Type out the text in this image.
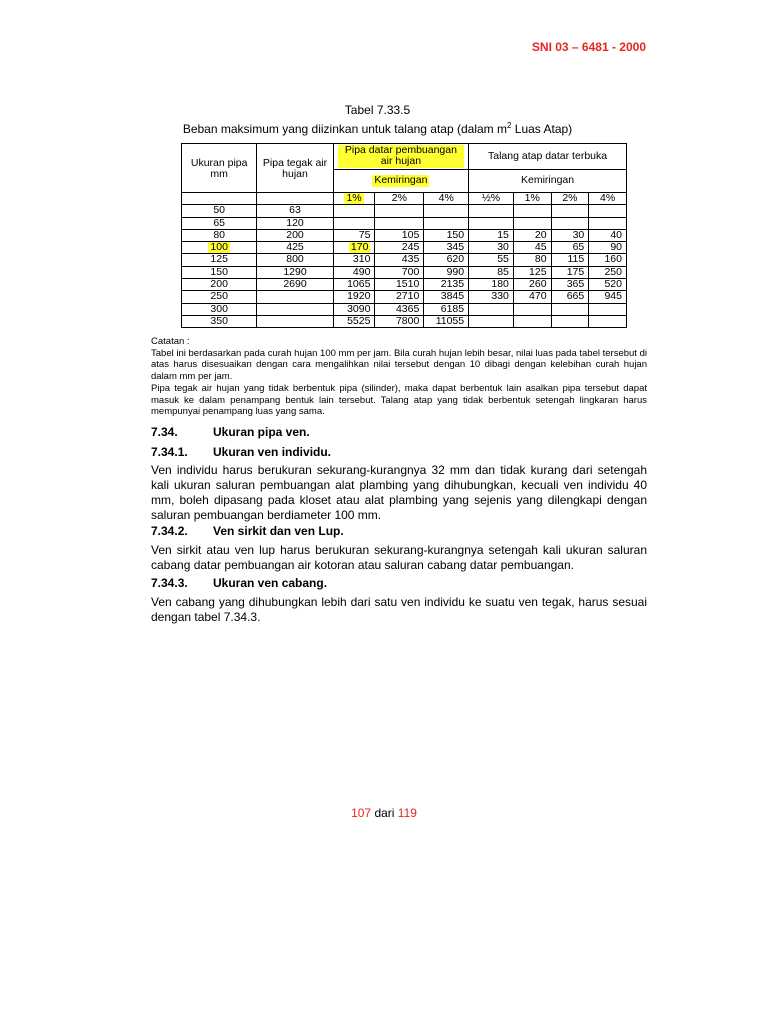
SNI 03 – 6481 - 2000
Tabel 7.33.5
Beban maksimum yang diizinkan untuk talang atap (dalam $m^2$ Luas Atap)
Ukuran pipa mm	Pipa tegak air hujan	Pipa datar pembuangan air hujan			Talang atap datar terbuka			
		Kemiringan			Kemiringan			
		1%	2%	4%	½%	1%	2%	4%
50	63							
65	120							
80	200	75	105	150	15	20	30	40
100	425	170	245	345	30	45	65	90
125	800	310	435	620	55	80	115	160
150	1290	490	700	990	85	125	175	250
200	2690	1065	1510	2135	180	260	365	520
250		1920	2710	3845	330	470	665	945
300		3090	4365	6185				
350		5525	7800	11055				

Catatan :

Tabel ini berdasarkan pada curah hujan 100 mm per jam. Bila curah hujan lebih besar, nilai luas pada tabel tersebut di atas harus disesuaikan dengan cara mengalihkan nilai tersebut dengan 10 dibagi dengan kelebihan curah hujan dalam mm per jam.

Pipa tegak air hujan yang tidak berbentuk pipa (silinder), maka dapat berbentuk lain asalkan pipa tersebut dapat masuk ke dalam penampang bentuk lain tersebut. Talang atap yang tidak berbentuk setengah lingkaran harus mempunyai penampang luas yang sama.

7.34.	Ukuran pipa ven.
7.34.1. Ukuran ven individu.
Ven individu harus berukuran sekurang-kurangnya 32 mm dan tidak kurang dari setengah kali ukuran saluran pembuangan alat plambing yang dihubungkan, kecuali ven individu 40 mm, boleh dipasang pada kloset atau alat plambing yang sejenis yang dilengkapi dengan saluran pembuangan berdiameter 100 mm.
7.34.2. Ven sirkit dan ven Lup.
Ven sirkit atau ven lup harus berukuran sekurang-kurangnya setengah kali ukuran saluran cabang datar pembuangan air kotoran atau saluran cabang datar pembuangan.
7.34.3. Ukuran ven cabang.
Ven cabang yang dihubungkan lebih dari satu ven individu ke suatu ven tegak, harus sesuai dengan tabel 7.34.3.
107 dari 119
